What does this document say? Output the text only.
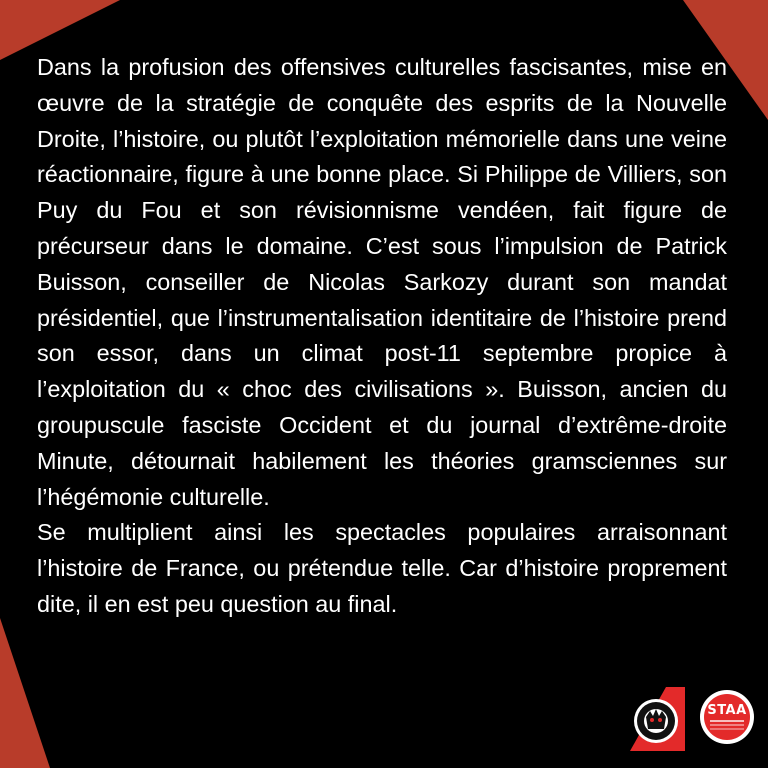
Dans la profusion des offensives culturelles fascisantes, mise en œuvre de la stratégie de conquête des esprits de la Nouvelle Droite, l’histoire, ou plutôt l’exploitation mémorielle dans une veine réactionnaire, figure à une bonne place. Si Philippe de Villiers, son Puy du Fou et son révisionnisme vendéen, fait figure de précurseur dans le domaine. C’est sous l’impulsion de Patrick Buisson, conseiller de Nicolas Sarkozy durant son mandat présidentiel, que l’instrumentalisation identitaire de l’histoire prend son essor, dans un climat post-11 septembre propice à l’exploitation du « choc des civilisations ». Buisson, ancien du groupuscule fasciste Occident et du journal d’extrême-droite Minute, détournait habilement les théories gramsciennes sur l’hégémonie culturelle.

Se multiplient ainsi les spectacles populaires arraisonnant l’histoire de France, ou prétendue telle. Car d’histoire proprement dite, il en est peu question au final.

STAA
